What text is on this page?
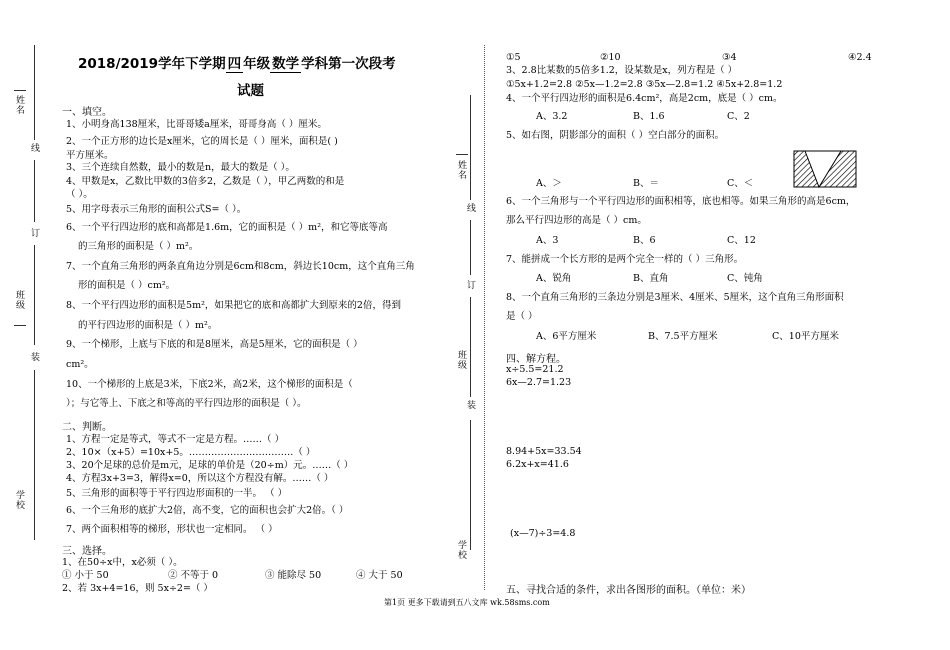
姓名
线
订
班级
装
学校
姓名
线
订
班级
装
学校
2018/2019学年下学期 四 年级 数学 学科第一次段考
试题
一、填空。
1、小明身高138厘米，比哥哥矮a厘米，哥哥身高（ ）厘米。
2、一个正方形的边长是x厘米，它的周长是（ ）厘米，面积是( )
平方厘米。
3、三个连续自然数，最小的数是n，最大的数是（ ）。
4、甲数是x，乙数比甲数的3倍多2，乙数是（ ），甲乙两数的和是
（ ）。
5、用字母表示三角形的面积公式S=（ ）。
6、一个平行四边形的底和高都是1.6m，它的面积是（ ）m²，和它等底等高
的三角形的面积是（ ）m²。
7、一个直角三角形的两条直角边分别是6cm和8cm，斜边长10cm，这个直角三角
形的面积是（ ）cm²。
8、一个平行四边形的面积是5m²，如果把它的底和高都扩大到原来的2倍，得到
的平行四边形的面积是（ ）m²。
9、一个梯形，上底与下底的和是8厘米，高是5厘米，它的面积是（ ）
cm²。
10、一个梯形的上底是3米，下底2米，高2米，这个梯形的面积是（
）；与它等上、下底之和等高的平行四边形的面积是（ ）。
二、判断。
1、方程一定是等式，等式不一定是方程。……（ ）
2、10×（x+5）=10x+5。……………………………（ ）
3、20个足球的总价是m元，足球的单价是（20÷m）元。……（ ）
4、方程3x+3=3，解得x=0，所以这个方程没有解。……（ ）
5、三角形的面积等于平行四边形面积的一半。 （ ）
6、一个三角形的底扩大2倍，高不变，它的面积也会扩大2倍。（ ）
7、两个面积相等的梯形，形状也一定相同。 （ ）
三、选择。
1、在50÷x中，x必须（ ）。
① 小于 50	② 不等于 0	③ 能除尽 50	④ 大于 50
2、若 3x+4=16，则 5x÷2=（ ）
①5	②10	③4	④2.4
3、2.8比某数的5倍多1.2，设某数是x，列方程是（ ）
①5x+1.2=2.8 ②5x—1.2=2.8 ③5x—2.8=1.2 ④5x+2.8=1.2
4、一个平行四边形的面积是6.4cm²，高是2cm，底是（ ）cm。
A、3.2	B、1.6	C、2
5、如右图，阴影部分的面积（ ）空白部分的面积。
A、＞	B、＝	C、＜
6、一个三角形与一个平行四边形的面积相等，底也相等。如果三角形的高是6cm，
那么平行四边形的高是（ ）cm。
A、3	B、6	C、12
7、能拼成一个长方形的是两个完全一样的（ ）三角形。
A、锐角	B、直角	C、钝角
8、一个直角三角形的三条边分别是3厘米、4厘米、5厘米，这个直角三角形面积
是（ ）
A、6平方厘米	B、7.5平方厘米	C、10平方厘米
四、解方程。
x÷5.5=21.2
6x—2.7=1.23
8.94+5x=33.54
6.2x+x=41.6
(x—7)÷3=4.8
五、寻找合适的条件，求出各图形的面积。（单位：米）
第1页 更多下载请到五八文库 wk.58sms.com
